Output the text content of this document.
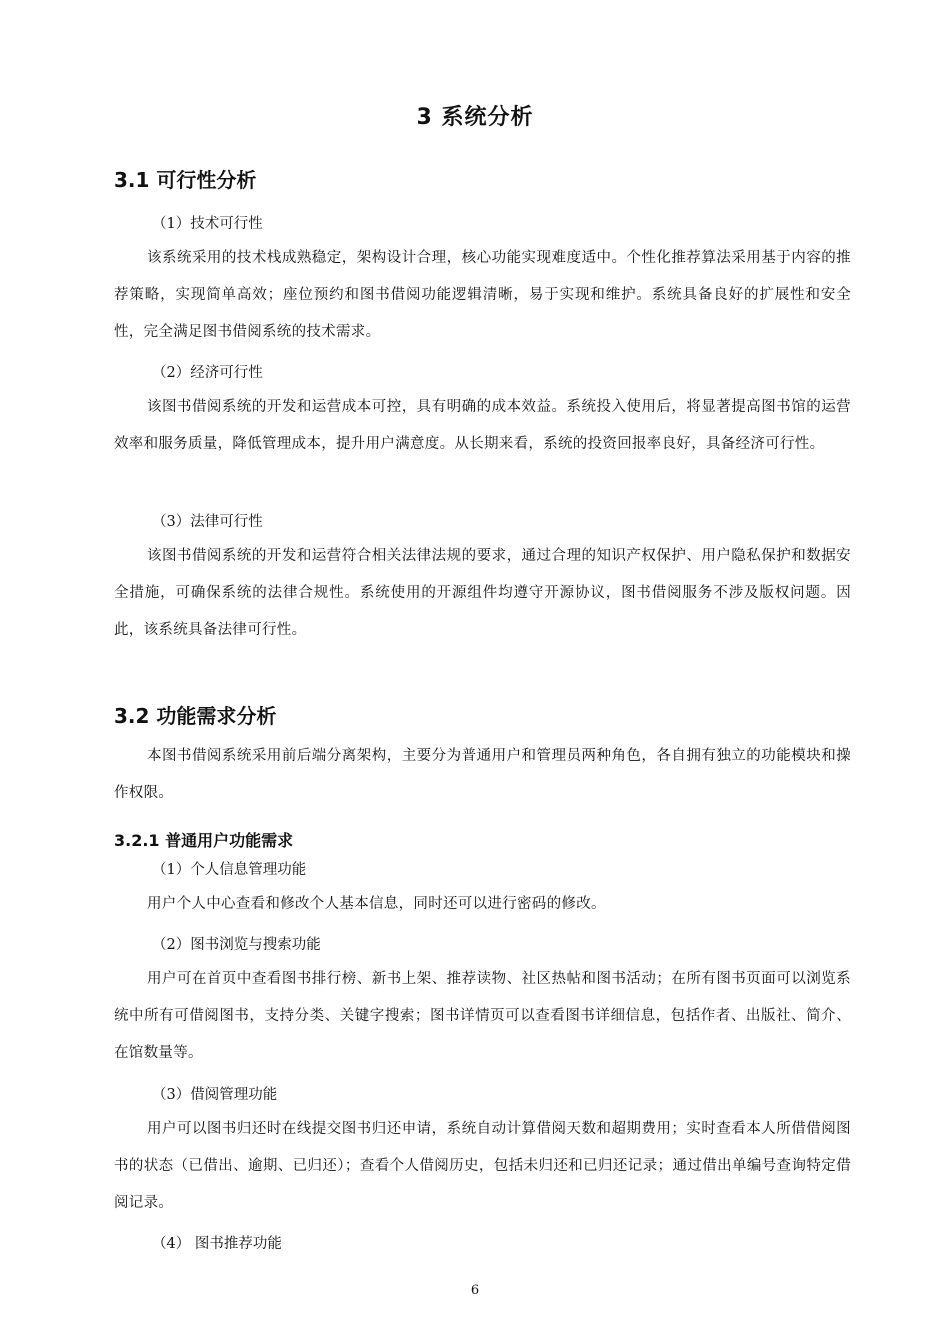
3 系统分析
3.1 可行性分析
（1）技术可行性

该系统采用的技术栈成熟稳定，架构设计合理，核心功能实现难度适中。个性化推荐算法采用基于内容的推荐策略，实现简单高效；座位预约和图书借阅功能逻辑清晰，易于实现和维护。系统具备良好的扩展性和安全性，完全满足图书借阅系统的技术需求。

（2）经济可行性

该图书借阅系统的开发和运营成本可控，具有明确的成本效益。系统投入使用后，将显著提高图书馆的运营效率和服务质量，降低管理成本，提升用户满意度。从长期来看，系统的投资回报率良好，具备经济可行性。

（3）法律可行性

该图书借阅系统的开发和运营符合相关法律法规的要求，通过合理的知识产权保护、用户隐私保护和数据安全措施，可确保系统的法律合规性。系统使用的开源组件均遵守开源协议，图书借阅服务不涉及版权问题。因此，该系统具备法律可行性。

3.2 功能需求分析

本图书借阅系统采用前后端分离架构，主要分为普通用户和管理员两种角色，各自拥有独立的功能模块和操作权限。

3.2.1 普通用户功能需求
（1）个人信息管理功能

用户个人中心查看和修改个人基本信息，同时还可以进行密码的修改。

（2）图书浏览与搜索功能

用户可在首页中查看图书排行榜、新书上架、推荐读物、社区热帖和图书活动；在所有图书页面可以浏览系统中所有可借阅图书，支持分类、关键字搜索；图书详情页可以查看图书详细信息，包括作者、出版社、简介、在馆数量等。

（3）借阅管理功能

用户可以图书归还时在线提交图书归还申请，系统自动计算借阅天数和超期费用；实时查看本人所借借阅图书的状态（已借出、逾期、已归还）；查看个人借阅历史，包括未归还和已归还记录；通过借出单编号查询特定借阅记录。

（4） 图书推荐功能
6
